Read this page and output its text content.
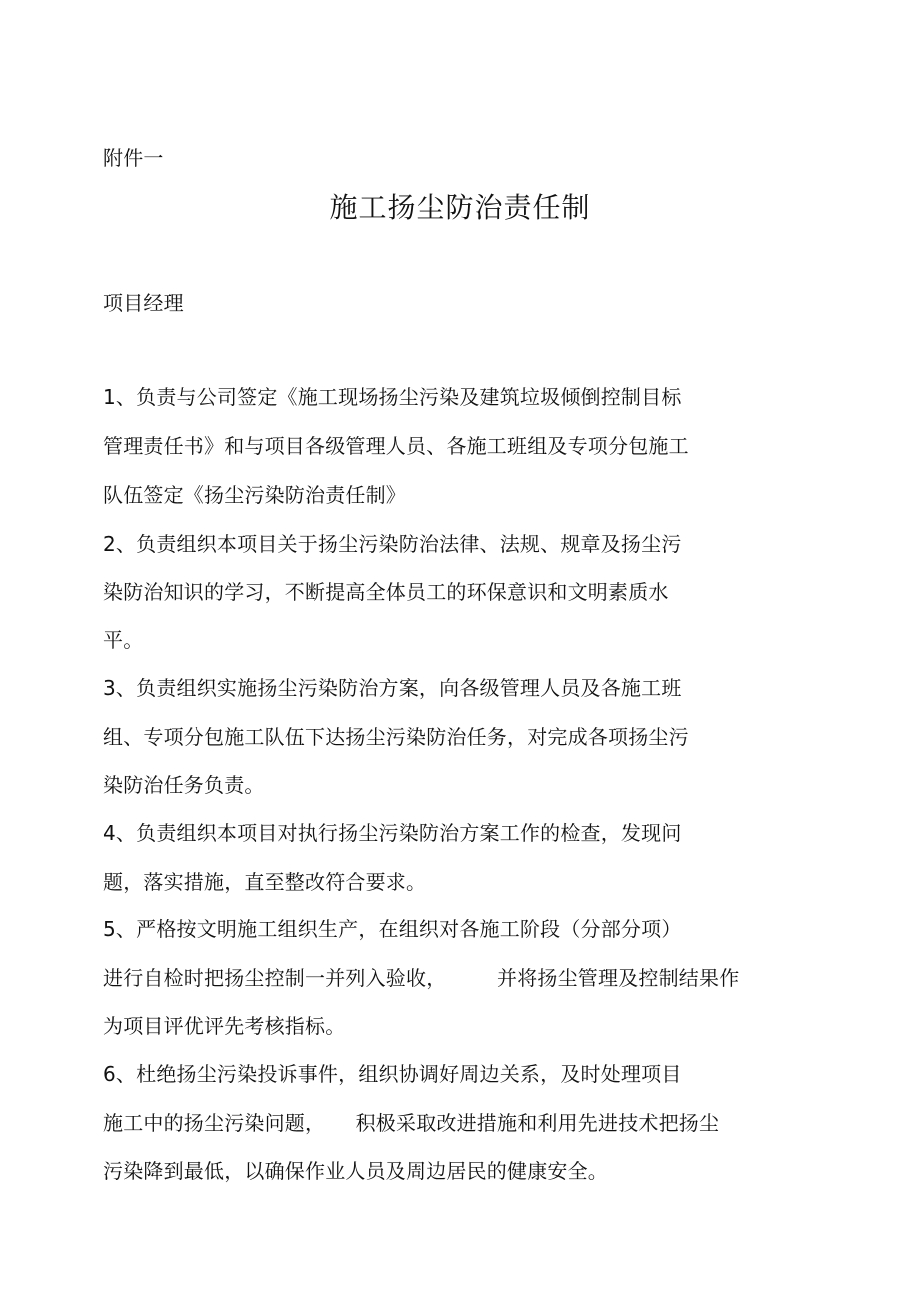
附件一
施工扬尘防治责任制
项目经理
1、负责与公司签定《施工现场扬尘污染及建筑垃圾倾倒控制目标
管理责任书》和与项目各级管理人员、各施工班组及专项分包施工
队伍签定《扬尘污染防治责任制》
2、负责组织本项目关于扬尘污染防治法律、法规、规章及扬尘污
染防治知识的学习，不断提高全体员工的环保意识和文明素质水
平。
3、负责组织实施扬尘污染防治方案，向各级管理人员及各施工班
组、专项分包施工队伍下达扬尘污染防治任务，对完成各项扬尘污
染防治任务负责。
4、负责组织本项目对执行扬尘污染防治方案工作的检查，发现问
题，落实措施，直至整改符合要求。
5、严格按文明施工组织生产，在组织对各施工阶段（分部分项）
进行自检时把扬尘控制一并列入验收，　　　并将扬尘管理及控制结果作
为项目评优评先考核指标。
6、杜绝扬尘污染投诉事件，组织协调好周边关系，及时处理项目
施工中的扬尘污染问题，　　积极采取改进措施和利用先进技术把扬尘
污染降到最低，以确保作业人员及周边居民的健康安全。
